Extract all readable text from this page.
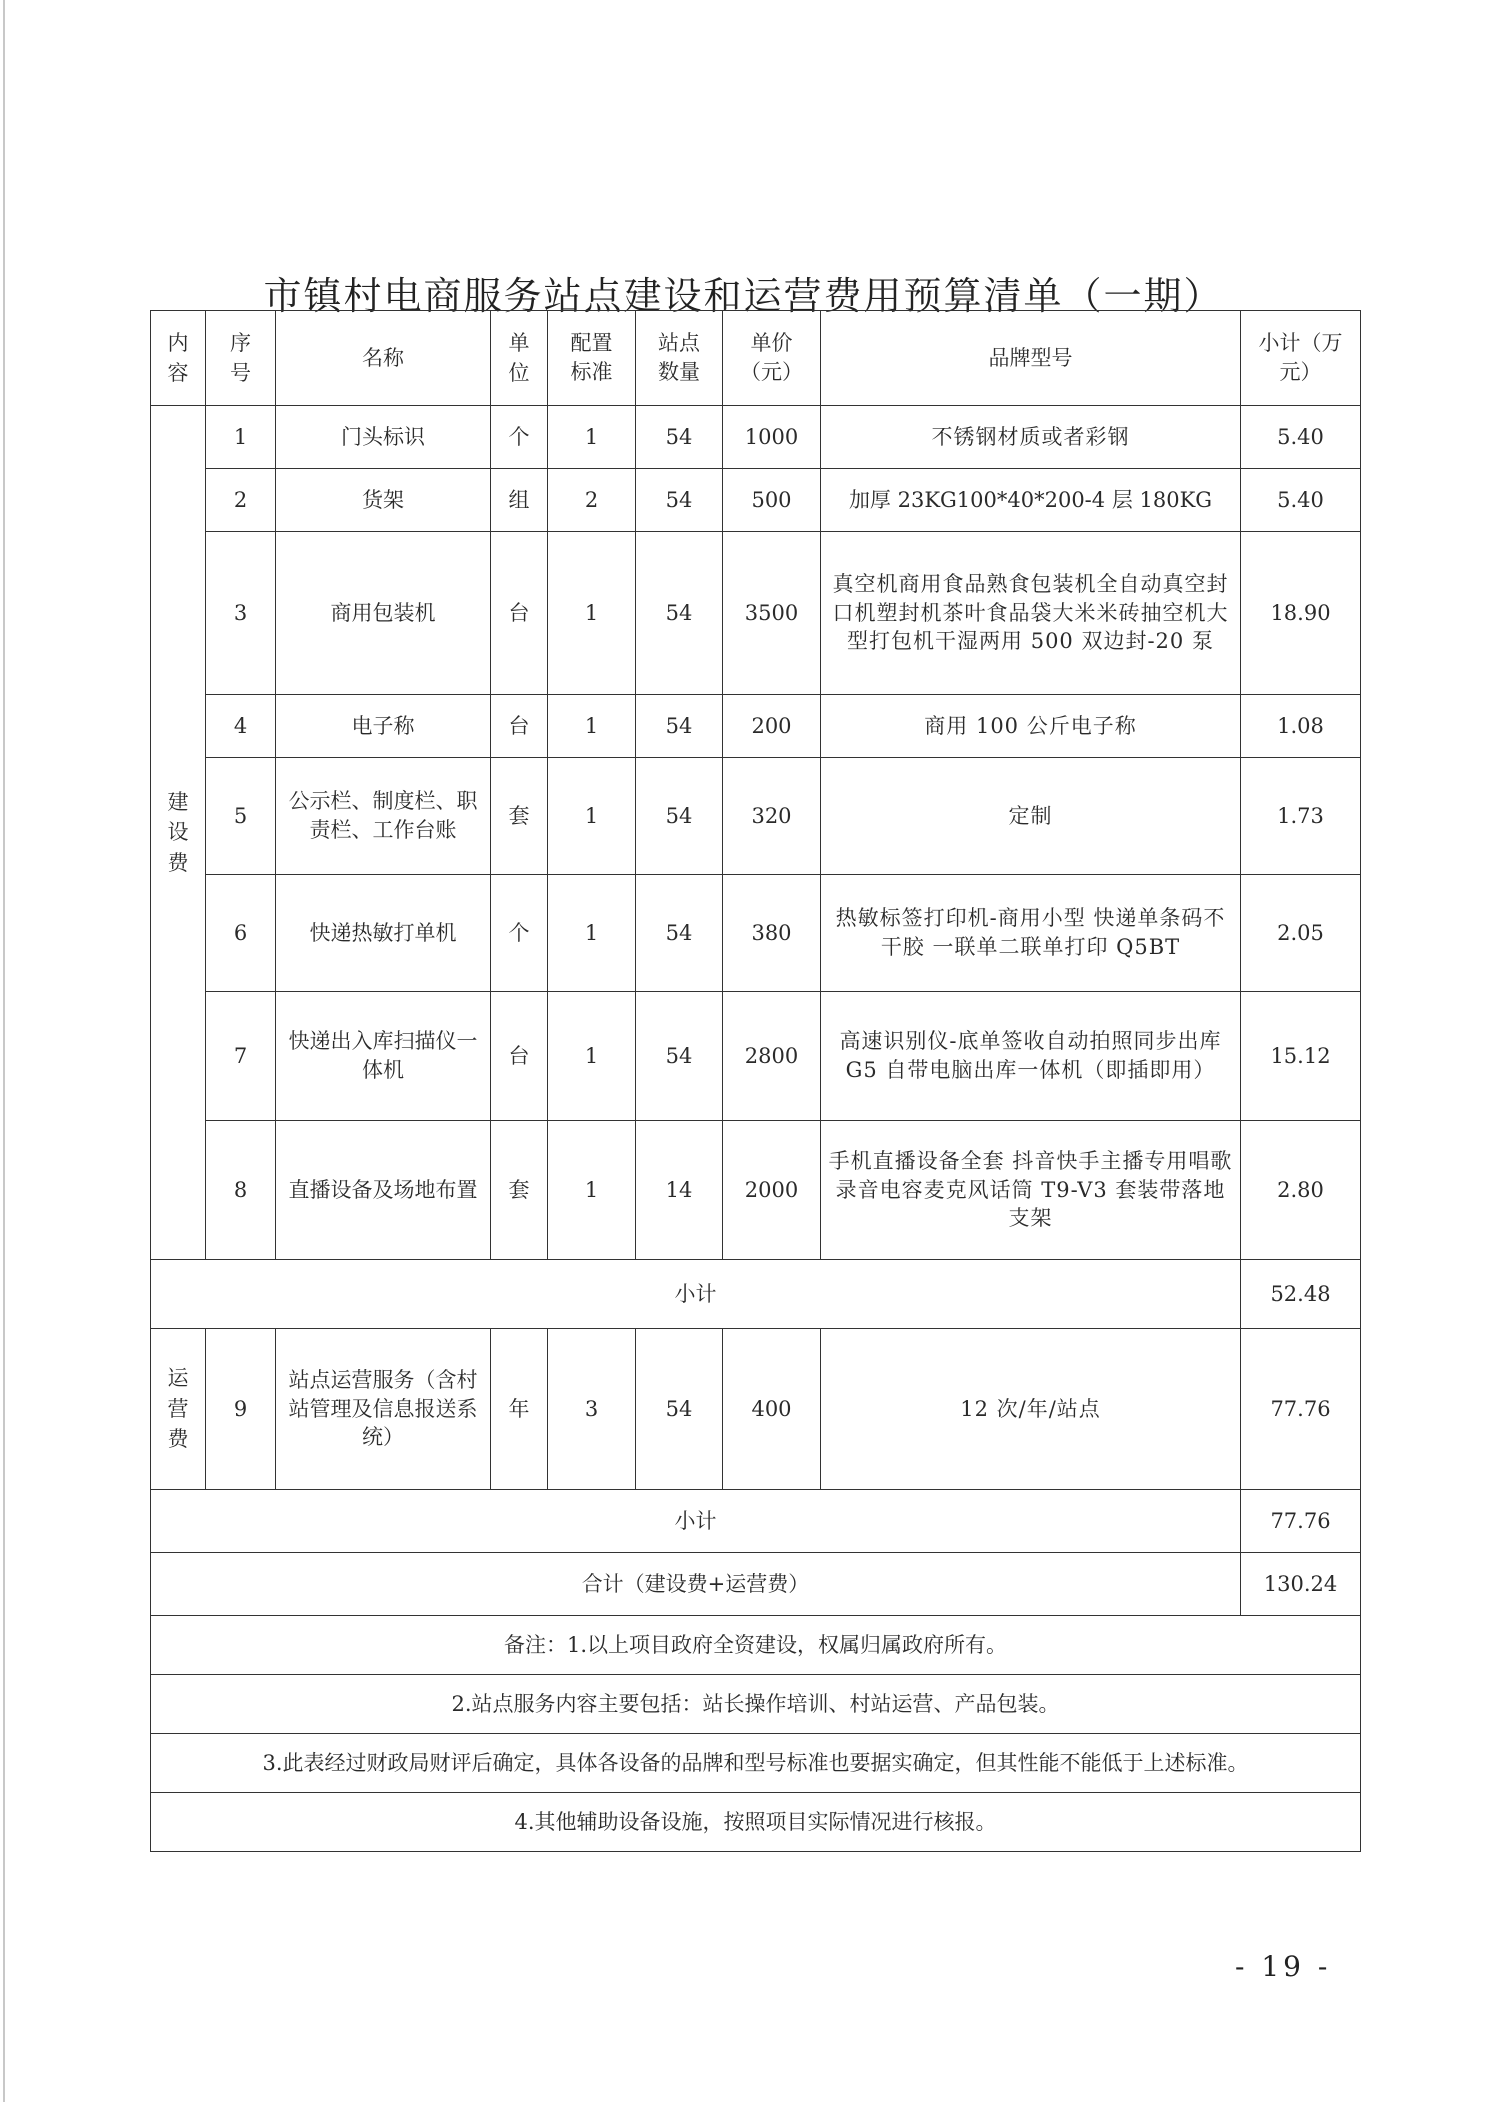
市镇村电商服务站点建设和运营费用预算清单（一期）
内容	序号	名称	单位	配置标准	站点数量	单价（元）	品牌型号	小计（万元）
建设费	1	门头标识	个	1	54	1000	不锈钢材质或者彩钢	5.40
	2	货架	组	2	54	500	加厚 23KG100*40*200-4 层 180KG	5.40
	3	商用包装机	台	1	54	3500	真空机商用食品熟食包装机全自动真空封口机塑封机茶叶食品袋大米米砖抽空机大型打包机干湿两用 500 双边封-20 泵	18.90
	4	电子称	台	1	54	200	商用 100 公斤电子称	1.08
	5	公示栏、制度栏、职责栏、工作台账	套	1	54	320	定制	1.73
	6	快递热敏打单机	个	1	54	380	热敏标签打印机-商用小型 快递单条码不干胶 一联单二联单打印 Q5BT	2.05
	7	快递出入库扫描仪一体机	台	1	54	2800	高速识别仪-底单签收自动拍照同步出库 G5 自带电脑出库一体机（即插即用）	15.12
	8	直播设备及场地布置	套	1	14	2000	手机直播设备全套 抖音快手主播专用唱歌录音电容麦克风话筒 T9-V3 套装带落地支架	2.80
小计								52.48
运营费	9	站点运营服务（含村站管理及信息报送系统）	年	3	54	400	12 次/年/站点	77.76
小计								77.76
合计（建设费+运营费）								130.24
备注：1.以上项目政府全资建设，权属归属政府所有。								
2.站点服务内容主要包括：站长操作培训、村站运营、产品包装。								
3.此表经过财政局财评后确定，具体各设备的品牌和型号标准也要据实确定，但其性能不能低于上述标准。								
4.其他辅助设备设施，按照项目实际情况进行核报。								
- 19 -
